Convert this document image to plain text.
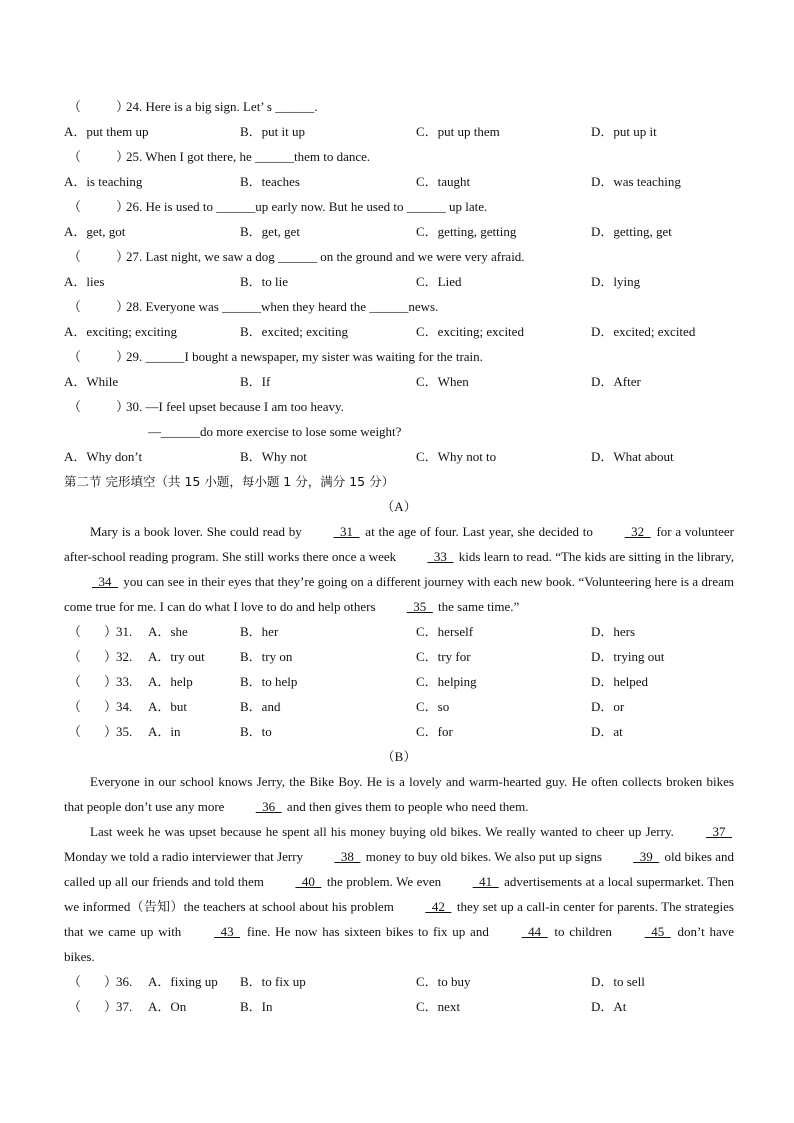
（	）24. Here is a big sign. Let’ s ______.
A．put them up	B．put it up	C．put up them	D．put up it
（	）25. When I got there, he ______them to dance.
A．is teaching	B．teaches	C．taught	D．was teaching
（	）26. He is used to ______up early now. But he used to ______ up late.
A．get, got	B．get, get	C．getting, getting	D．getting, get
（	）27. Last night, we saw a dog ______ on the ground and we were very afraid.
A．lies	B．to lie	C．Lied	D．lying
（	）28. Everyone was ______when they heard the ______news.
A．exciting; exciting	B．excited; exciting	C．exciting; excited	D．excited; excited
（	）29. ______I bought a newspaper, my sister was waiting for the train.
A．While	B．If	C．When	D．After
（	）30. —I feel upset because I am too heavy.
—______do more exercise to lose some weight?
A．Why don’t	B．Why not	C．Why not to	D．What about
第二节 完形填空（共 15 小题，每小题 1 分，满分 15 分）
（A）
Mary is a book lover. She could read by   31   at the age of four. Last year, she decided to   32   for a volunteer after-school reading program. She still works there once a week   33   kids learn to read. “The kids are sitting in the library,   34   you can see in their eyes that they’re going on a different journey with each new book. “Volunteering here is a dream come true for me. I can do what I love to do and help others   35   the same time.”
（ ）
31. A．she	B．her	C．herself	D．hers
（ ）
32. A．try out	B．try on	C．try for	D．trying out
（ ）
33. A．help	B．to help	C．helping	D．helped
（ ）
34. A．but	B．and	C．so	D．or
（ ）
35. A．in	B．to	C．for	D．at
（B）
Everyone in our school knows Jerry, the Bike Boy. He is a lovely and warm-hearted guy. He often collects broken bikes that people don’t use any more   36   and then gives them to people who need them.
Last week he was upset because he spent all his money buying old bikes. We really wanted to cheer up Jerry.   37   Monday we told a radio interviewer that Jerry   38   money to buy old bikes. We also put up signs   39   old bikes and called up all our friends and told them   40   the problem. We even   41   advertisements at a local supermarket. Then we informed（告知）the teachers at school about his problem   42   they set up a call-in center for parents. The strategies that we came up with   43   fine. He now has sixteen bikes to fix up and   44   to children   45   don’t have bikes.
（ ）
36. A．fixing up B．to fix up	C．to buy	D．to sell
（ ）
37. A．On	B．In	C．next	D．At
